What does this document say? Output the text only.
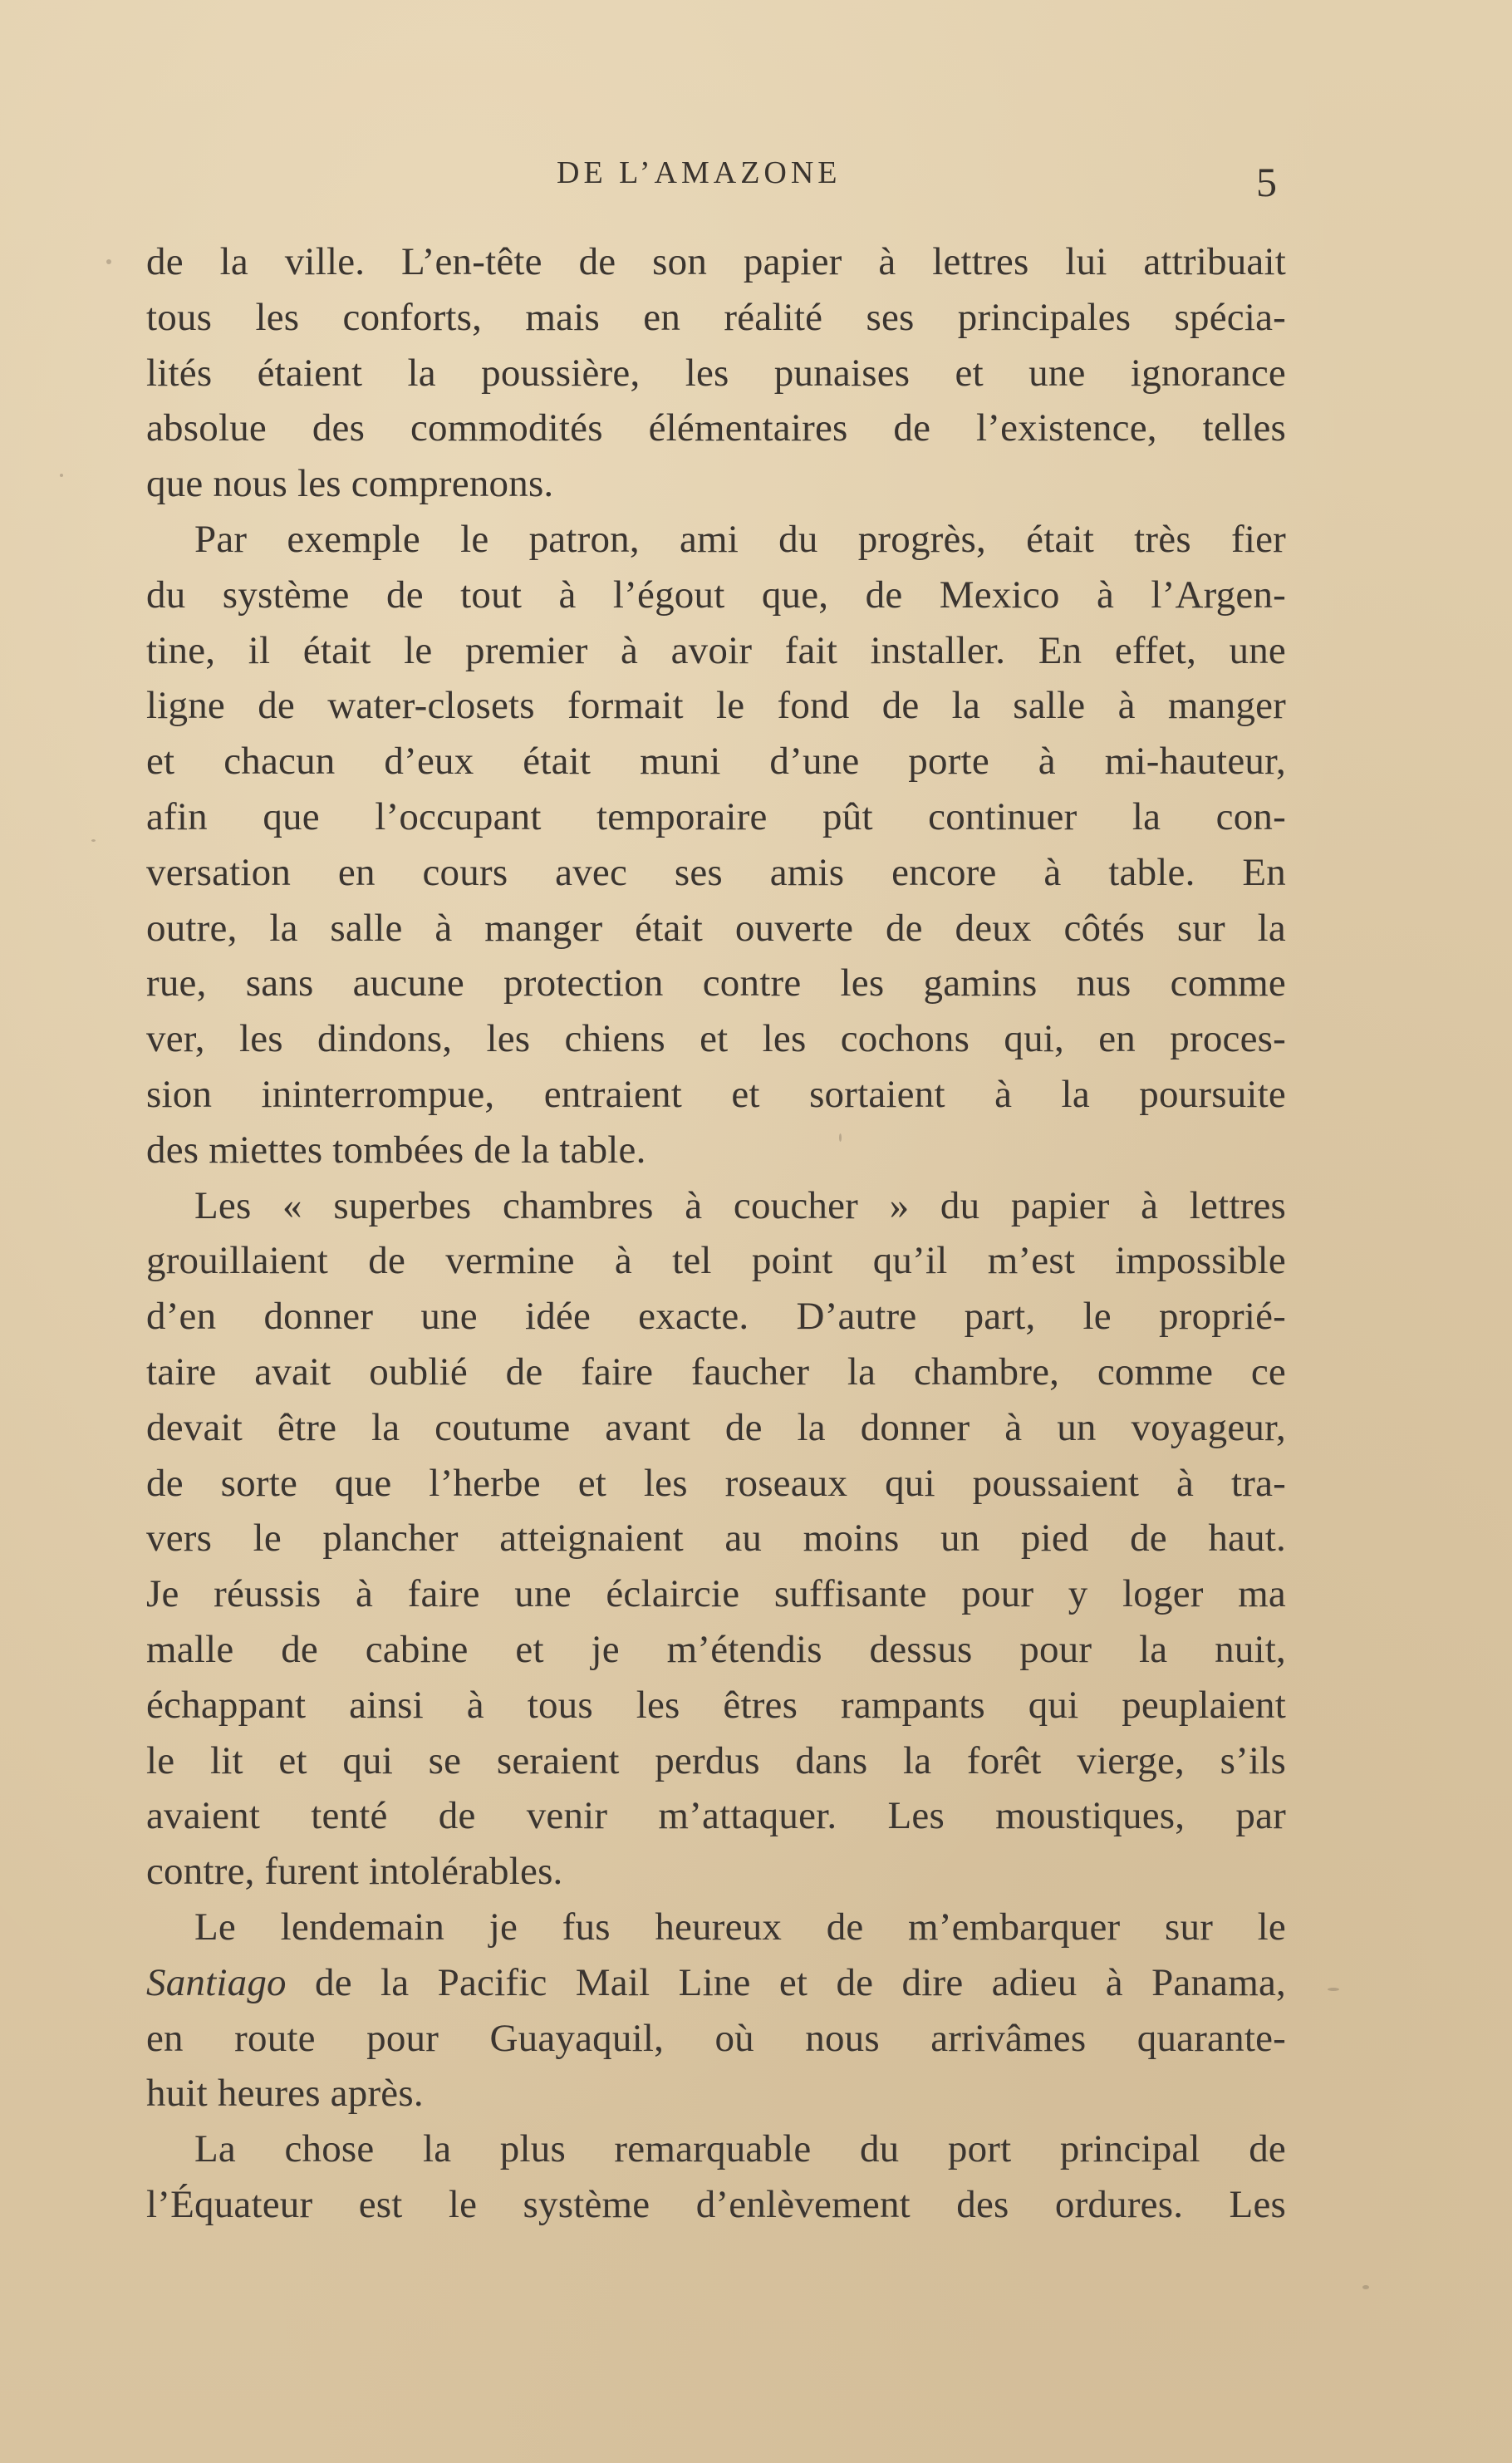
DE L’AMAZONE	5
de la ville. L’en-tête de son papier à lettres lui attribuait
tous les conforts, mais en réalité ses principales spécia-
lités étaient la poussière, les punaises et une ignorance
absolue des commodités élémentaires de l’existence, telles
que nous les comprenons.
Par exemple le patron, ami du progrès, était très fier
du système de tout à l’égout que, de Mexico à l’Argen-
tine, il était le premier à avoir fait installer. En effet, une
ligne de water-closets formait le fond de la salle à manger
et chacun d’eux était muni d’une porte à mi-hauteur,
afin que l’occupant temporaire pût continuer la con-
versation en cours avec ses amis encore à table. En
outre, la salle à manger était ouverte de deux côtés sur la
rue, sans aucune protection contre les gamins nus comme
ver, les dindons, les chiens et les cochons qui, en proces-
sion ininterrompue, entraient et sortaient à la poursuite
des miettes tombées de la table.
Les « superbes chambres à coucher » du papier à lettres
grouillaient de vermine à tel point qu’il m’est impossible
d’en donner une idée exacte. D’autre part, le proprié-
taire avait oublié de faire faucher la chambre, comme ce
devait être la coutume avant de la donner à un voyageur,
de sorte que l’herbe et les roseaux qui poussaient à tra-
vers le plancher atteignaient au moins un pied de haut.
Je réussis à faire une éclaircie suffisante pour y loger ma
malle de cabine et je m’étendis dessus pour la nuit,
échappant ainsi à tous les êtres rampants qui peuplaient
le lit et qui se seraient perdus dans la forêt vierge, s’ils
avaient tenté de venir m’attaquer. Les moustiques, par
contre, furent intolérables.
Le lendemain je fus heureux de m’embarquer sur le
Santiago de la Pacific Mail Line et de dire adieu à Panama,
en route pour Guayaquil, où nous arrivâmes quarante-
huit heures après.
La chose la plus remarquable du port principal de
l’Équateur est le système d’enlèvement des ordures. Les
